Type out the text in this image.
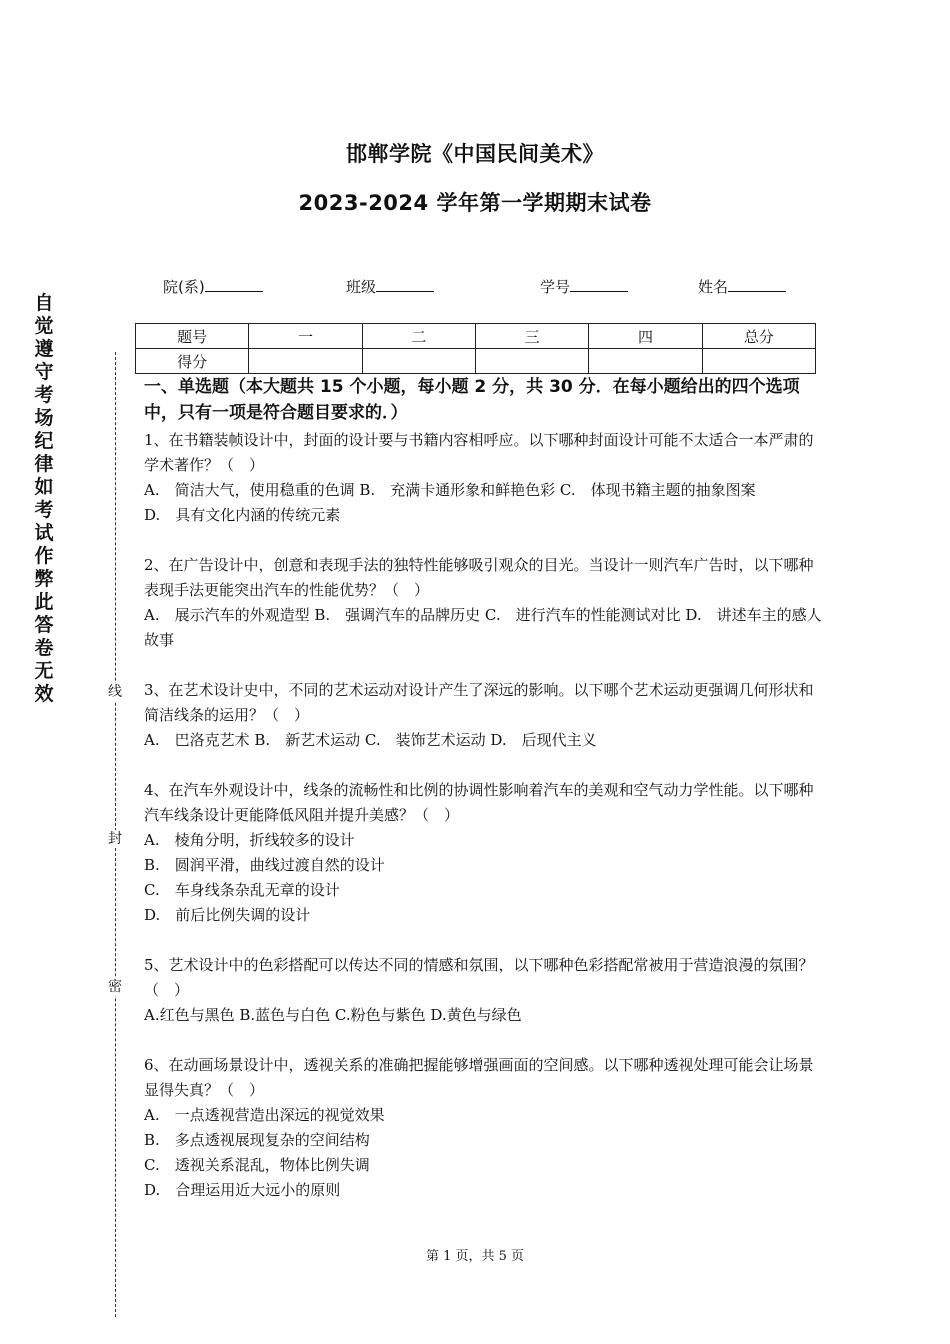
邯郸学院《中国民间美术》
2023-2024 学年第一学期期末试卷
院(系)	班级	学号	姓名
题号	一	二	三	四	总分
得分					
自觉遵守考场纪律如考试作弊此答卷无效	线
封
密
一、单选题（本大题共 15 个小题，每小题 2 分，共 30 分．在每小题给出的四个选项中，只有一项是符合题目要求的．）

1、在书籍装帧设计中，封面的设计要与书籍内容相呼应。以下哪种封面设计可能不太适合一本严肃的学术著作？（　）

A.　简洁大气，使用稳重的色调 B.　充满卡通形象和鲜艳色彩 C.　体现书籍主题的抽象图案

D.　具有文化内涵的传统元素

2、在广告设计中，创意和表现手法的独特性能够吸引观众的目光。当设计一则汽车广告时，以下哪种表现手法更能突出汽车的性能优势？（　）

A.　展示汽车的外观造型 B.　强调汽车的品牌历史 C.　进行汽车的性能测试对比 D.　讲述车主的感人故事

3、在艺术设计史中，不同的艺术运动对设计产生了深远的影响。以下哪个艺术运动更强调几何形状和简洁线条的运用？（　）

A.　巴洛克艺术 B.　新艺术运动 C.　装饰艺术运动 D.　后现代主义

4、在汽车外观设计中，线条的流畅性和比例的协调性影响着汽车的美观和空气动力学性能。以下哪种汽车线条设计更能降低风阻并提升美感？（　）

A.　棱角分明，折线较多的设计

B.　圆润平滑，曲线过渡自然的设计

C.　车身线条杂乱无章的设计

D.　前后比例失调的设计

5、艺术设计中的色彩搭配可以传达不同的情感和氛围，以下哪种色彩搭配常被用于营造浪漫的氛围？（　）

A.红色与黑色 B.蓝色与白色 C.粉色与紫色 D.黄色与绿色

6、在动画场景设计中，透视关系的准确把握能够增强画面的空间感。以下哪种透视处理可能会让场景显得失真？（　）

A.　一点透视营造出深远的视觉效果

B.　多点透视展现复杂的空间结构

C.　透视关系混乱，物体比例失调

D.　合理运用近大远小的原则

第 1 页，共 5 页
